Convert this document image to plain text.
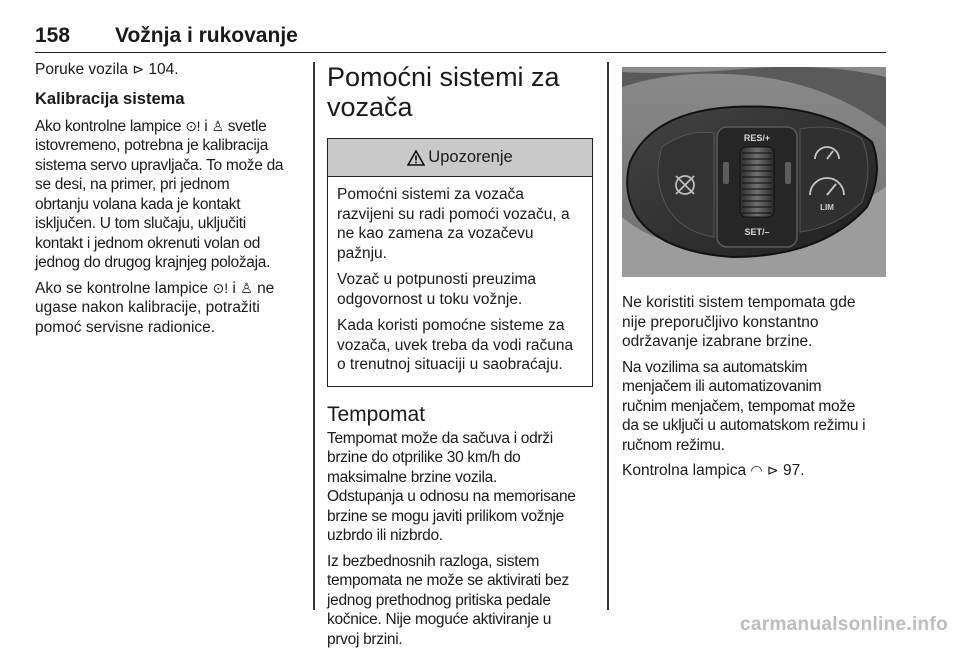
158 Vožnja i rukovanje

Poruke vozila ⊳ 104.

Kalibracija sistema

Ako kontrolne lampice ⊙! i ♙ svetle istovremeno, potrebna je kalibracija
sistema servo upravljača. To može da
se desi, na primer, pri jednom
obrtanju volana kada je kontakt
isključen. U tom slučaju, uključiti
kontakt i jednom okrenuti volan od
jednog do drugog krajnjeg položaja.

Ako se kontrolne lampice ⊙! i ♙ ne
ugase nakon kalibracije, potražiti
pomoć servisne radionice.

Pomoćni sistemi za
vozača
Upozorenje

Pomoćni sistemi za vozača
razvijeni su radi pomoći vozaču, a
ne kao zamena za vozačevu
pažnju.

Vozač u potpunosti preuzima
odgovornost u toku vožnje.

Kada koristi pomoćne sisteme za
vozača, uvek treba da vodi računa
o trenutnoj situaciji u saobraćaju.

Tempomat

Tempomat može da sačuva i održi
brzine do otprilike 30 km/h do
maksimalne brzine vozila.
Odstupanja u odnosu na memorisane
brzine se mogu javiti prilikom vožnje
uzbrdo ili nizbrdo.

Iz bezbednosnih razloga, sistem
tempomata ne može se aktivirati bez
jednog prethodnog pritiska pedale
kočnice. Nije moguće aktiviranje u
prvoj brzini.

RES/+
SET/–
LIM

Ne koristiti sistem tempomata gde
nije preporučljivo konstantno
održavanje izabrane brzine.

Na vozilima sa automatskim
menjačem ili automatizovanim
ručnim menjačem, tempomat može
da se uključi u automatskom režimu i
ručnom režimu.

Kontrolna lampica ◠ ⊳ 97.

carmanualsonline.info
